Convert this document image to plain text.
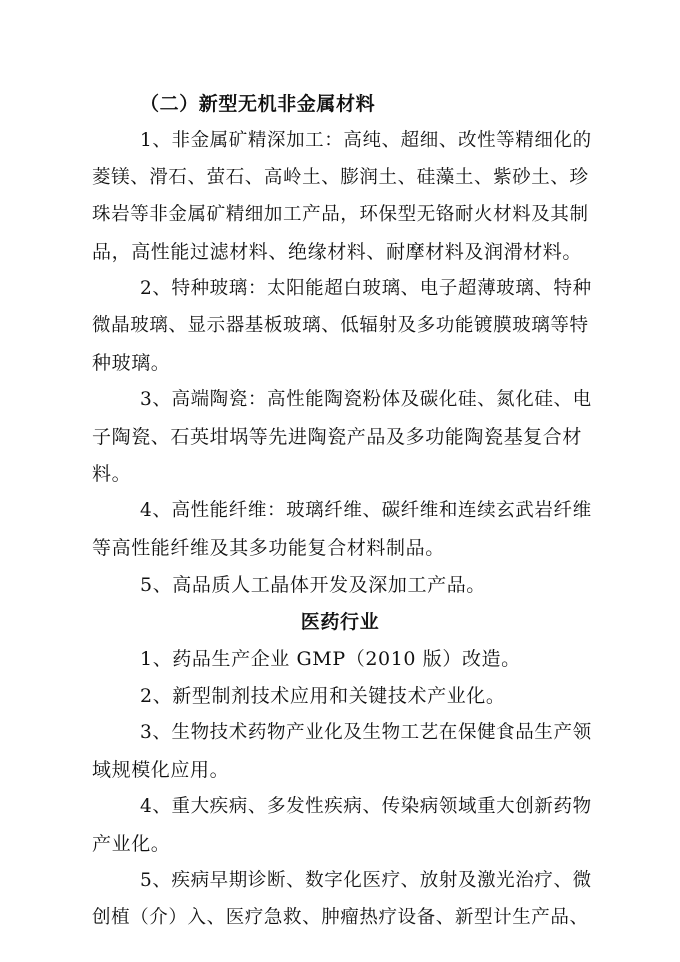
（二）新型无机非金属材料
1、非金属矿精深加工：高纯、超细、改性等精细化的
菱镁、滑石、萤石、高岭土、膨润土、硅藻土、紫砂土、珍
珠岩等非金属矿精细加工产品，环保型无铬耐火材料及其制
品，高性能过滤材料、绝缘材料、耐摩材料及润滑材料。
2、特种玻璃：太阳能超白玻璃、电子超薄玻璃、特种
微晶玻璃、显示器基板玻璃、低辐射及多功能镀膜玻璃等特
种玻璃。
3、高端陶瓷：高性能陶瓷粉体及碳化硅、氮化硅、电
子陶瓷、石英坩埚等先进陶瓷产品及多功能陶瓷基复合材
料。
4、高性能纤维：玻璃纤维、碳纤维和连续玄武岩纤维
等高性能纤维及其多功能复合材料制品。
5、高品质人工晶体开发及深加工产品。
医药行业
1、药品生产企业 GMP（2010 版）改造。
2、新型制剂技术应用和关键技术产业化。
3、生物技术药物产业化及生物工艺在保健食品生产领
域规模化应用。
4、重大疾病、多发性疾病、传染病领域重大创新药物
产业化。
5、疾病早期诊断、数字化医疗、放射及激光治疗、微
创植（介）入、医疗急救、肿瘤热疗设备、新型计生产品、
